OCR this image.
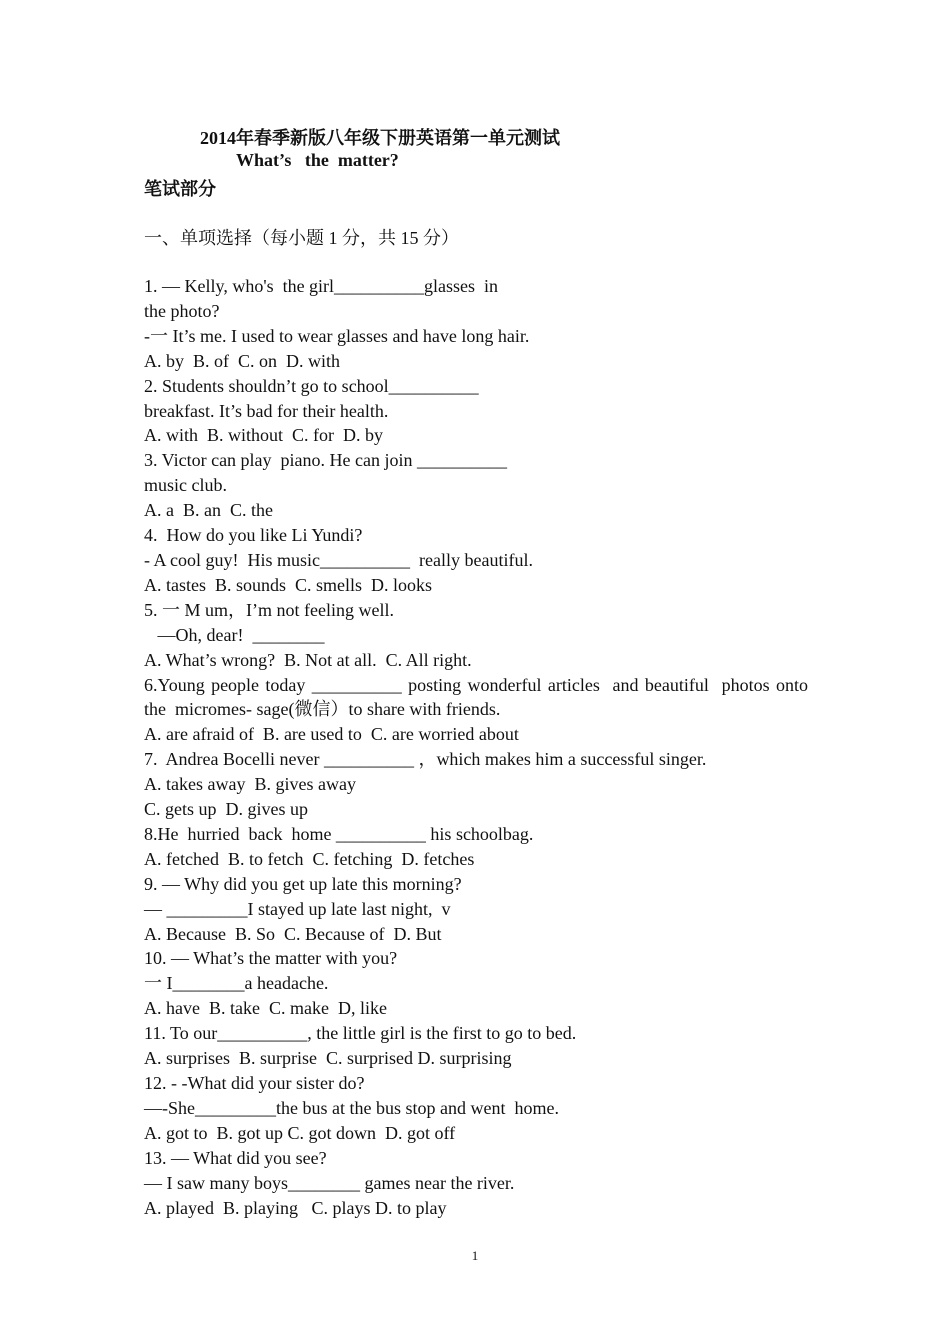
2014年春季新版八年级下册英语第一单元测试
What’s   the  matter?
笔试部分
一、单项选择（每小题 1 分，共 15 分）
1. — Kelly, who's  the girl__________glasses  in
the photo?
-一 It’s me. I used to wear glasses and have long hair.
A. by  B. of  C. on  D. with
2. Students shouldn’t go to school__________
breakfast. It’s bad for their health.
A. with  B. without  C. for  D. by
3. Victor can play  piano. He can join __________
music club.
A. a  B. an  C. the
4.  How do you like Li Yundi?
- A cool guy!  His music__________  really beautiful.
A. tastes  B. sounds  C. smells  D. looks
5. 一 M um，I’m not feeling well.
—Oh, dear!  ________
A. What’s wrong?  B. Not at all.  C. All right.
6.Young people today __________ posting wonderful articles  and beautiful  photos onto  the  micromes- sage(微信）to share with friends.
A. are afraid of  B. are used to  C. are worried about
7.  Andrea Bocelli never __________ ，which makes him a successful singer.
A. takes away  B. gives away
C. gets up  D. gives up
8.He  hurried  back  home __________ his schoolbag.
A. fetched  B. to fetch  C. fetching  D. fetches
9. — Why did you get up late this morning?
— _________I stayed up late last night,  v
A. Because  B. So  C. Because of  D. But
10. — What’s the matter with you?
一 I________a headache.
A. have  B. take  C. make  D, like
11. To our__________, the little girl is the first to go to bed.
A. surprises  B. surprise  C. surprised D. surprising
12. - -What did your sister do?
—-She_________the bus at the bus stop and went  home.
A. got to  B. got up C. got down  D. got off
13. — What did you see?
— I saw many boys________ games near the river.
A. played  B. playing   C. plays D. to play
1
